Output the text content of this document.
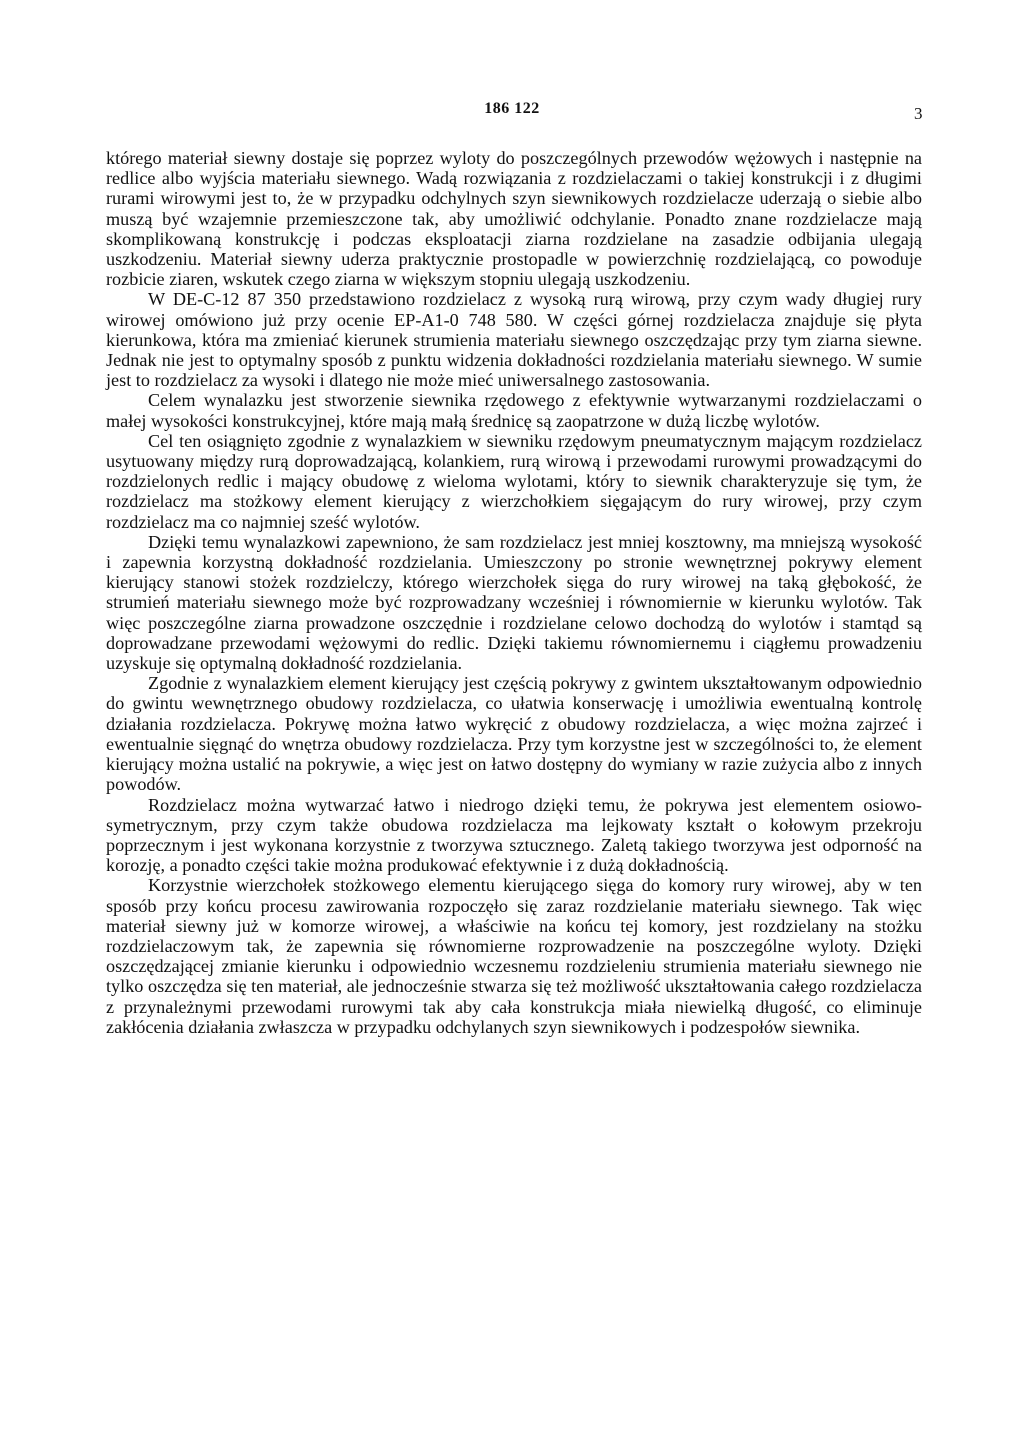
186 122	3

którego materiał siewny dostaje się poprzez wyloty do poszczególnych przewodów wężowych i następnie na redlice albo wyjścia materiału siewnego. Wadą rozwiązania z rozdzielaczami o takiej konstrukcji i z długimi rurami wirowymi jest to, że w przypadku odchylnych szyn siewnikowych rozdzielacze uderzają o siebie albo muszą być wzajemnie przemieszczone tak, aby umożliwić odchylanie. Ponadto znane rozdzielacze mają skomplikowaną konstrukcję i podczas eksploatacji ziarna rozdzielane na zasadzie odbijania ulegają uszkodzeniu. Materiał siewny uderza praktycznie prostopadle w powierzchnię rozdzielającą, co powoduje rozbicie ziaren, wskutek czego ziarna w większym stopniu ulegają uszkodzeniu.

W DE-C-12 87 350 przedstawiono rozdzielacz z wysoką rurą wirową, przy czym wady długiej rury wirowej omówiono już przy ocenie EP-A1-0 748 580. W części górnej rozdzielacza znajduje się płyta kierunkowa, która ma zmieniać kierunek strumienia materiału siewnego oszczędzając przy tym ziarna siewne. Jednak nie jest to optymalny sposób z punktu widzenia dokładności rozdzielania materiału siewnego. W sumie jest to rozdzielacz za wysoki i dlatego nie może mieć uniwersalnego zastosowania.

Celem wynalazku jest stworzenie siewnika rzędowego z efektywnie wytwarzanymi rozdzielaczami o małej wysokości konstrukcyjnej, które mają małą średnicę są zaopatrzone w dużą liczbę wylotów.

Cel ten osiągnięto zgodnie z wynalazkiem w siewniku rzędowym pneumatycznym mającym rozdzielacz usytuowany między rurą doprowadzającą, kolankiem, rurą wirową i przewodami rurowymi prowadzącymi do rozdzielonych redlic i mający obudowę z wieloma wylotami, który to siewnik charakteryzuje się tym, że rozdzielacz ma stożkowy element kierujący z wierzchołkiem sięgającym do rury wirowej, przy czym rozdzielacz ma co najmniej sześć wylotów.

Dzięki temu wynalazkowi zapewniono, że sam rozdzielacz jest mniej kosztowny, ma mniejszą wysokość i zapewnia korzystną dokładność rozdzielania. Umieszczony po stronie wewnętrznej pokrywy element kierujący stanowi stożek rozdzielczy, którego wierzchołek sięga do rury wirowej na taką głębokość, że strumień materiału siewnego może być rozprowadzany wcześniej i równomiernie w kierunku wylotów. Tak więc poszczególne ziarna prowadzone oszczędnie i rozdzielane celowo dochodzą do wylotów i stamtąd są doprowadzane przewodami wężowymi do redlic. Dzięki takiemu równomiernemu i ciągłemu prowadzeniu uzyskuje się optymalną dokładność rozdzielania.

Zgodnie z wynalazkiem element kierujący jest częścią pokrywy z gwintem ukształtowanym odpowiednio do gwintu wewnętrznego obudowy rozdzielacza, co ułatwia konserwację i umożliwia ewentualną kontrolę działania rozdzielacza. Pokrywę można łatwo wykręcić z obudowy rozdzielacza, a więc można zajrzeć i ewentualnie sięgnąć do wnętrza obudowy rozdzielacza. Przy tym korzystne jest w szczególności to, że element kierujący można ustalić na pokrywie, a więc jest on łatwo dostępny do wymiany w razie zużycia albo z innych powodów.

Rozdzielacz można wytwarzać łatwo i niedrogo dzięki temu, że pokrywa jest elementem osiowo-symetrycznym, przy czym także obudowa rozdzielacza ma lejkowaty kształt o kołowym przekroju poprzecznym i jest wykonana korzystnie z tworzywa sztucznego. Zaletą takiego tworzywa jest odporność na korozję, a ponadto części takie można produkować efektywnie i z dużą dokładnością.

Korzystnie wierzchołek stożkowego elementu kierującego sięga do komory rury wirowej, aby w ten sposób przy końcu procesu zawirowania rozpoczęło się zaraz rozdzielanie materiału siewnego. Tak więc materiał siewny już w komorze wirowej, a właściwie na końcu tej komory, jest rozdzielany na stożku rozdzielaczowym tak, że zapewnia się równomierne rozprowadzenie na poszczególne wyloty. Dzięki oszczędzającej zmianie kierunku i odpowiednio wczesnemu rozdzieleniu strumienia materiału siewnego nie tylko oszczędza się ten materiał, ale jednocześnie stwarza się też możliwość ukształtowania całego rozdzielacza z przynależnymi przewodami rurowymi tak aby cała konstrukcja miała niewielką długość, co eliminuje zakłócenia działania zwłaszcza w przypadku odchylanych szyn siewnikowych i podzespołów siewnika.
